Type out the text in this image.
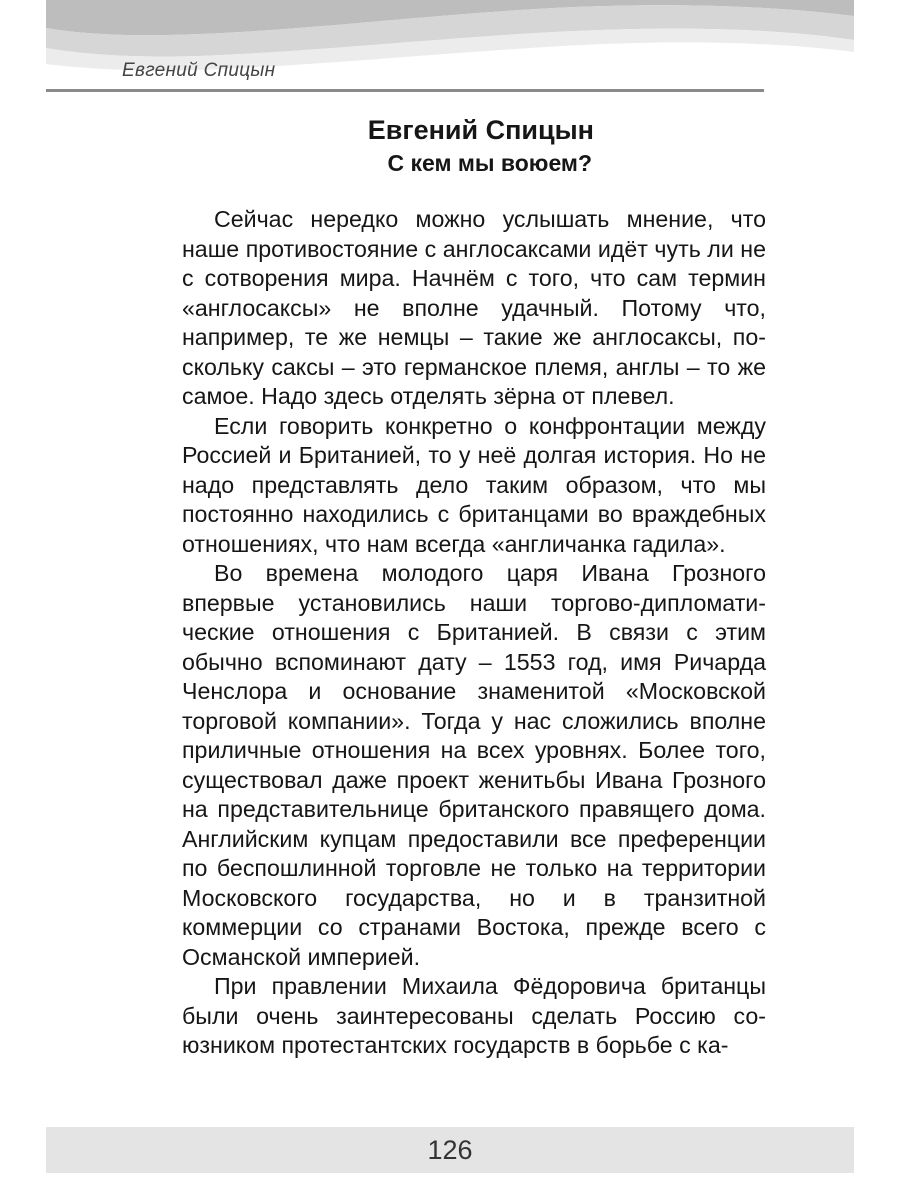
Евгений Спицын
Евгений Спицын
С кем мы воюем?

Сейчас нередко можно услышать мнение, что наше противостояние с англосаксами идёт чуть ли не с сотворения мира. Начнём с того, что сам термин «англосаксы» не вполне удачный. Потому что, например, те же немцы – такие же англосаксы, поскольку саксы – это германское племя, англы – то же самое. Надо здесь отделять зёрна от плевел.

Если говорить конкретно о конфронтации между Россией и Британией, то у неё долгая история. Но не надо представлять дело таким образом, что мы постоянно находились с британцами во враждебных отношениях, что нам всегда «англичанка гадила».

Во времена молодого царя Ивана Грозного впервые установились наши торгово-дипломатические отношения с Британией. В связи с этим обычно вспоминают дату – 1553 год, имя Ричарда Ченслора и основание знаменитой «Московской торговой компании». Тогда у нас сложились вполне приличные отношения на всех уровнях. Более того, существовал даже проект женитьбы Ивана Грозного на представительнице британского правящего дома. Английским купцам предоставили все преференции по беспошлинной торговле не только на территории Московского государства, но и в транзитной коммерции со странами Востока, прежде всего с Османской империей.

При правлении Михаила Фёдоровича британцы были очень заинтересованы сделать Россию союзником протестантских государств в борьбе с ка-

126
